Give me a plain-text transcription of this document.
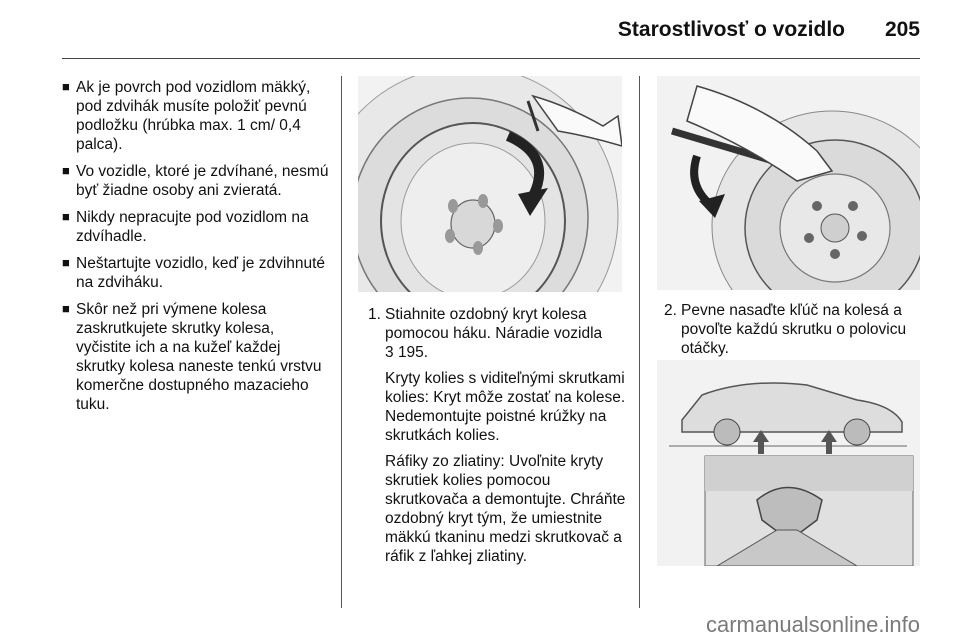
Starostlivosť o vozidlo	205
■ Ak je povrch pod vozidlom mäkký, pod zdvihák musíte položiť pevnú podložku (hrúbka max. 1 cm/ 0,4 palca).
■ Vo vozidle, ktoré je zdvíhané, nesmú byť žiadne osoby ani zvieratá.
■ Nikdy nepracujte pod vozidlom na zdvíhadle.
■ Neštartujte vozidlo, keď je zdvihnuté na zdviháku.
■ Skôr než pri výmene kolesa zaskrutkujete skrutky kolesa, vyčistite ich a na kužeľ každej skrutky kolesa naneste tenkú vrstvu komerčne dostupného mazacieho tuku.
1. Stiahnite ozdobný kryt kolesa pomocou háku. Náradie vozidla
3 195.

Kryty kolies s viditeľnými skrutkami kolies: Kryt môže zostať na kolese. Nedemontujte poistné krúžky na skrutkách kolies.

Ráfiky zo zliatiny: Uvoľnite kryty skrutiek kolies pomocou skrutkovača a demontujte. Chráňte ozdobný kryt tým, že umiestnite mäkkú tkaninu medzi skrutkovač a ráfik z ľahkej zliatiny.

2. Pevne nasaďte kľúč na kolesá a povoľte každú skrutku o polovicu otáčky.

carmanualsonline.info
